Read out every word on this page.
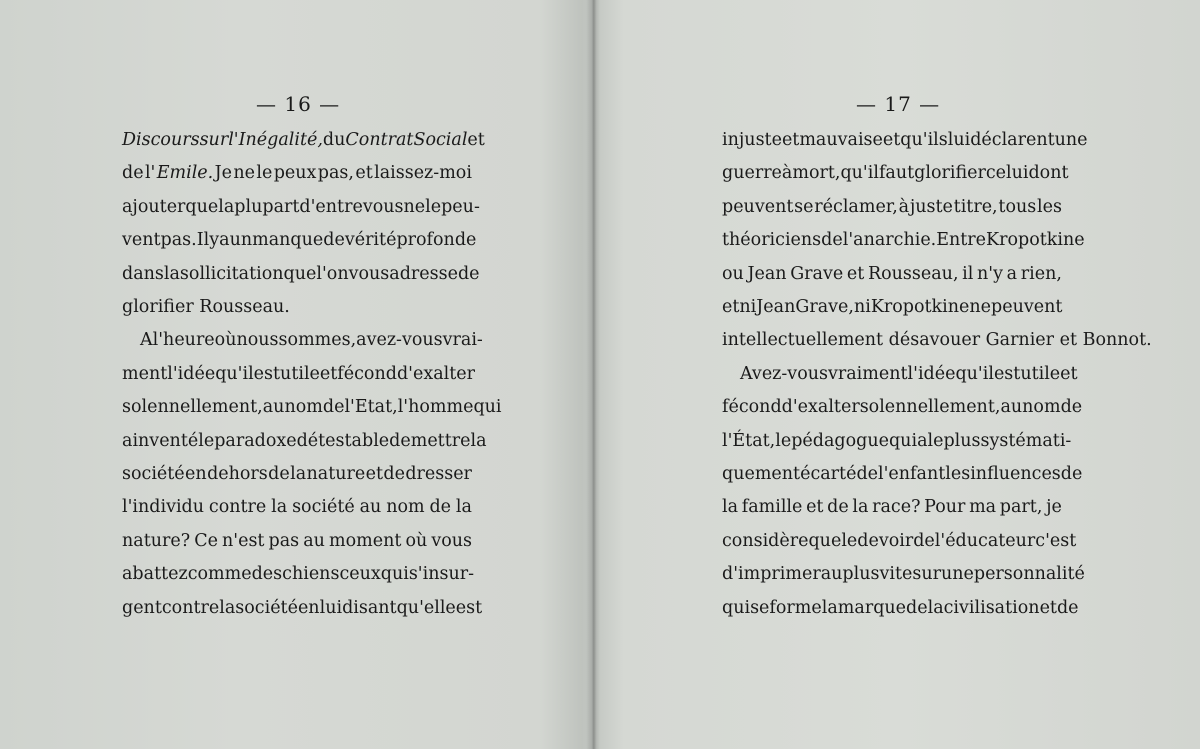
— 16 —
Discours sur l'Inégalité, du Contrat Social et
de l' Emile. Je ne le peux pas, et laissez-moi
ajouter que la plupart d'entre vous ne le peu-
vent pas. Il y a un manque de vérité profonde
dans la sollicitation que l'on vous adresse de
glorifier Rousseau.
A l'heure où nous sommes, avez-vous vrai-
ment l'idée qu'il est utile et fécond d'exalter
solennellement, au nom de l'Etat, l'homme qui
a inventé le paradoxe détestable de mettre la
société en dehors de la nature et de dresser
l'individu contre la société au nom de la
nature? Ce n'est pas au moment où vous
abattez comme des chiens ceux qui s'insur-
gent contre la société en lui disant qu'elle est
— 17 —
injuste et mauvaise et qu'ils lui déclarent une
guerre à mort, qu'il faut glorifier celui dont
peuvent se réclamer, à juste titre, tous les
théoriciens de l'anarchie. Entre Kropotkine
ou Jean Grave et Rousseau, il n'y a rien,
et ni Jean Grave, ni Kropotkine ne peuvent
intellectuellement désavouer Garnier et Bonnot.
Avez-vous vraiment l'idée qu'il est utile et
fécond d'exalter solennellement, au nom de
l'État, le pédagogue qui a le plus systémati-
quement écarté de l'enfant les influences de
la famille et de la race? Pour ma part, je
considère que le devoir de l'éducateur c'est
d'imprimer au plus vite sur une personnalité
qui se forme la marque de la civilisation et de
